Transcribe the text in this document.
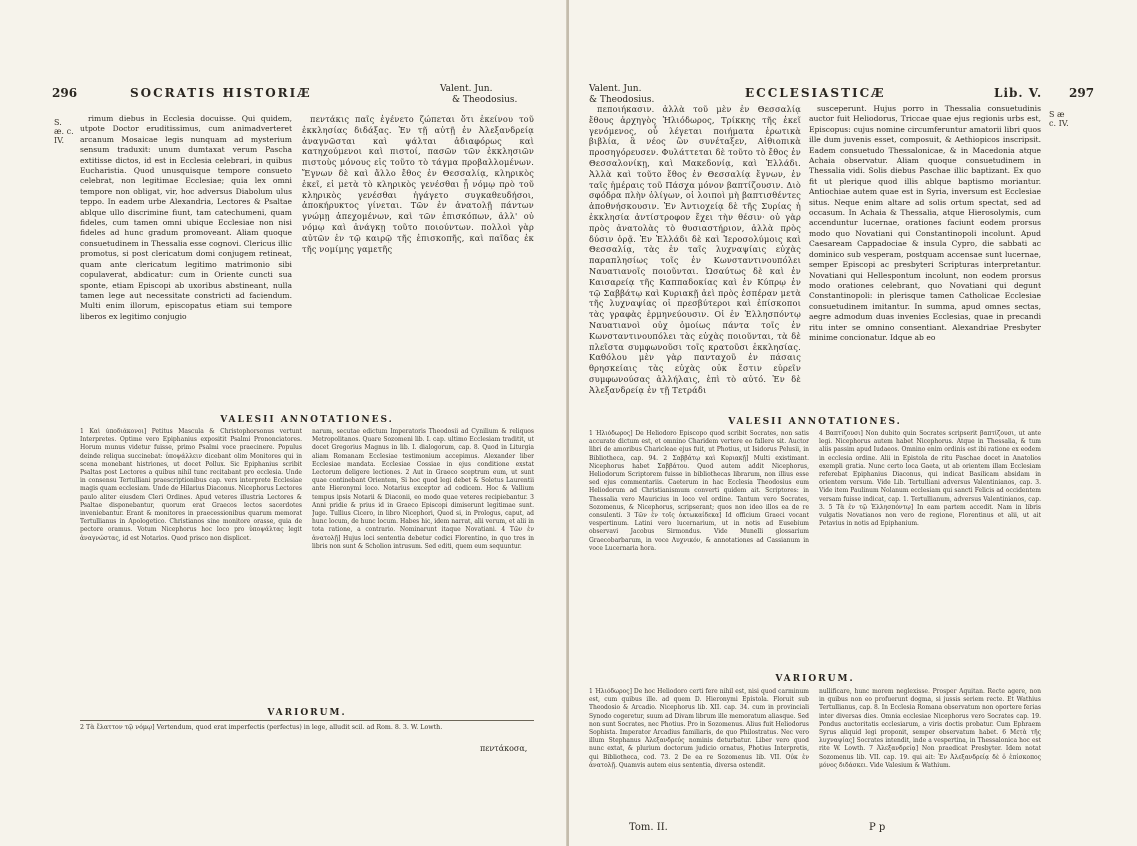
296	SOCRATIS HISTORIÆ	Valent. Jun.
& Theodosius.
S. æ. c. IV.

rimum diebus in Ecclesia docuisse. Qui quidem, utpote Doctor eruditissimus, cum animadverteret arcanum Mosaicae legis nunquam ad mysterium sensum traduxit: unum dumtaxat verum Pascha extitisse dictos, id est in Ecclesia celebrari, in quibus Eucharistia. Quod unusquisque tempore consueto celebrat, non legitimae Ecclesiae; quia lex omni tempore non obligat, vir, hoc adversus Diabolum ulus teppo. In eadem urbe Alexandria, Lectores & Psaltae ablque ullo discrimine fiunt, tam catechumeni, quam fideles, cum tamen omni ubique Ecclesiae non nisi fideles ad hunc gradum promoveant. Aliam quoque consuetudinem in Thessalia esse cognovi. Clericus illic promotus, si post clericatum domi conjugem retineat, quam ante clericatum legitimo matrimonio sibi copulaverat, abdicatur: cum in Oriente cuncti sua sponte, etiam Episcopi ab uxoribus abstineant, nulla tamen lege aut necessitate constricti ad faciendum. Multi enim illorum, episcopatus etiam sui tempore liberos ex legitimo conjugio

πεντάκις παῖς ἐγένετο ζώπεται ὅτι ἐκείνου τοῦ ἐκκλησίας διδάξας. Ἐν τῇ αὐτῇ ἐν Ἀλεξανδρείᾳ ἀναγνῶσται καὶ ψάλται ἀδιαφόρως καὶ κατηχούμενοι καὶ πιστοί, πασῶν τῶν ἐκκλησιῶν πιστοὺς μόνους εἰς τοῦτο τὸ τάγμα προβαλλομένων. Ἔγνων δὲ καὶ ἄλλο ἔθος ἐν Θεσσαλίᾳ, κληρικὸς ἐκεῖ, εἰ μετὰ τὸ κληρικὸς γενέσθαι ᾗ νόμῳ πρὸ τοῦ κληρικὸς γενέσθαι ἠγάγετο συγκαθευδήσοι, ἀποκήρυκτος γίνεται. Τῶν ἐν ἀνατολῇ πάντων γνώμῃ ἀπεχομένων, καὶ τῶν ἐπισκόπων, ἀλλ' οὐ νόμῳ καὶ ἀνάγκῃ τοῦτο ποιούντων. πολλοὶ γὰρ αὐτῶν ἐν τῷ καιρῷ τῆς ἐπισκοπῆς, καὶ παῖδας ἐκ τῆς νομίμης γαμετῆς

VALESII ANNOTATIONES.

1 Καὶ ὑποδιάκονοι] Petitus Mascula & Christophorsonus vertunt Interpretes. Optime vero Epiphanius expositit Psalmi Prononciatores. Horum munus videtur fuisse, primo Psalmi voce praecinere. Populus deinde reliqua succinebat: ὑποψάλλειν dicebant olim Monitores qui in scena monebant histriones, ut docet Pollux. Sic Epiphanius scribit Psaltas post Lectores a quibus nihil tunc recitabant pro ecclesia. Unde in consensu Tertulliani praescriptionibus cap. vers interprete Ecclesiae magis quam ecclesiam. Unde de Hilarius Diaconus. Nicephorus Lectores paulo aliter eiusdem Cleri Ordines. Apud veteres illustria Lectores & Psaltae disponebantur, quorum erat Graecos lectos sacerdotes inveniebantur. Erant & monitores in praecessionibus quarum memorat Tertullianus in Apologetico. Christianos sine monitore orasse, quia de pectore oramus. Votum Nicephorus hoc loco pro ὑποψάλτας legit ἀναγνώστας, id est Notarios. Quod prisco non displicet.

narum, secutae edictum Imperatoris Theodosii ad Cynilium & reliquos Metropolitanos. Quare Sozomeni lib. I. cap. ultimo Ecclesiam traditit, ut docet Gregorius Magnus in lib. I. dialogorum, cap. 8. Quod in Liturgia aliam Romanam Ecclesiae testimonium accepimus. Alexander liber Ecclesiae mandata. Ecclesiae Cossiae in ejus conditione exstat Lectorum deligere lectiones. 2 Aut in Graeco sceptrum eum, ut sunt quae continebant Orientem, Si hoc quod legi debet & Soletus Laurentii ante Hieronymi loco. Notarius exceptor ad codicem. Hoc & Vallium tempus ipsis Notarii & Diaconii, eo modo quae veteres recipiebantur. 3 Anni pridie & prius id in Graeco Episcopi dimiserunt legitimae sunt. Juge. Tullius Cicero, in libro Nicephori, Quod si, in Prologus, caput, ad hunc locum, de hunc locum. Habes hic, idem narrat, alii verum, et alii in tota ratione, a contrario. Nominarunt itaque Novatiani. 4 Τῶν ἐν ἀνατολῇ] Hujus loci sententia debetur codici Florentino, in quo tres in libris non sunt & Scholion intrusum. Sed editi, quem eum sequuntur.

VARIORUM.
2 Τὰ ἔλαττον τῷ νόμῳ] Vertendum, quod erat imperfectis (perfectus) in lege, alludit scil. ad Rom. 8. 3. W. Lowth.
πεντάκοσα,
Valent. Jun.
& Theodosius.	ECCLESIASTICÆ	Lib. V. 297

πεποιήκασιν. ἀλλὰ τοῦ μὲν ἐν Θεσσαλίᾳ ἔθους ἀρχηγὸς Ἡλιόδωρος, Τρίκκης τῆς ἐκεῖ γενόμενος, οὗ λέγεται ποιήματα ἐρωτικὰ βιβλία, ἃ νέος ὢν συνέταξεν, Αἰθιοπικὰ προσηγόρευσεν. Φυλάττεται δὲ τοῦτο τὸ ἔθος ἐν Θεσσαλονίκῃ, καὶ Μακεδονίᾳ, καὶ Ἑλλάδι. Ἀλλὰ καὶ τοῦτο ἔθος ἐν Θεσσαλίᾳ ἔγνων, ἐν ταῖς ἡμέραις τοῦ Πάσχα μόνον βαπτίζουσιν. Διὸ σφόδρα πλὴν ὀλίγων, οἱ λοιποὶ μὴ βαπτισθέντες ἀποθνήσκουσιν. Ἐν Ἀντιοχείᾳ δὲ τῆς Συρίας ἡ ἐκκλησία ἀντίστροφον ἔχει τὴν θέσιν· οὐ γὰρ πρὸς ἀνατολὰς τὸ θυσιαστήριον, ἀλλὰ πρὸς δύσιν ὁρᾷ. Ἐν Ἑλλάδι δὲ καὶ Ἱεροσολύμοις καὶ Θεσσαλίᾳ, τὰς ἐν ταῖς λυχναψίαις εὐχὰς παραπλησίως τοῖς ἐν Κωνσταντινουπόλει Ναυατιανοῖς ποιοῦνται. Ὡσαύτως δὲ καὶ ἐν Καισαρείᾳ τῆς Καππαδοκίας καὶ ἐν Κύπρῳ ἐν τῷ Σαββάτῳ καὶ Κυριακῇ ἀεὶ πρὸς ἑσπέραν μετὰ τῆς λυχναψίας οἱ πρεσβύτεροι καὶ ἐπίσκοποι τὰς γραφὰς ἑρμηνεύουσιν. Οἱ ἐν Ἑλλησπόντῳ Ναυατιανοὶ οὐχ ὁμοίως πάντα τοῖς ἐν Κωνσταντινουπόλει τὰς εὐχὰς ποιοῦνται, τὰ δὲ πλεῖστα συμφωνοῦσι τοῖς κρατοῦσι ἐκκλησίας. Καθόλου μὲν γὰρ πανταχοῦ ἐν πάσαις θρησκείαις τὰς εὐχὰς οὐκ ἔστιν εὑρεῖν συμφωνούσας ἀλλήλαις, ἐπὶ τὸ αὐτό. Ἐν δὲ Ἀλεξανδρείᾳ ἐν τῇ Τετράδι

susceperunt. Hujus porro in Thessalia consuetudinis auctor fuit Heliodorus, Triccae quae ejus regionis urbs est, Episcopus: cujus nomine circumferuntur amatorii libri quos ille dum juvenis esset, composuit, & Aethiopicos inscripsit. Eadem consuetudo Thessalonicae, & in Macedonia atque Achaia observatur. Aliam quoque consuetudinem in Thessalia vidi. Solis diebus Paschae illic baptizant. Ex quo fit ut plerique quod illis ablque baptismo moriantur. Antiochiae autem quae est in Syria, inversum est Ecclesiae situs. Neque enim altare ad solis ortum spectat, sed ad occasum. In Achaia & Thessalia, atque Hierosolymis, cum accenduntur lucernae, orationes faciunt eodem prorsus modo quo Novatiani qui Constantinopoli incolunt. Apud Caesaream Cappadociae & insula Cypro, die sabbati ac dominico sub vesperam, postquam accensae sunt lucernae, semper Episcopi ac presbyteri Scripturas interpretantur. Novatiani qui Hellespontum incolunt, non eodem prorsus modo orationes celebrant, quo Novatiani qui degunt Constantinopoli: in plerisque tamen Catholicae Ecclesiae consuetudinem imitantur. In summa, apud omnes sectas, aegre admodum duas invenies Ecclesias, quae in precandi ritu inter se omnino consentiant. Alexandriae Presbyter minime concionatur. Idque ab eo

S æ c. IV.
VALESII ANNOTATIONES.

1 Ἡλιόδωρος] De Heliodoro Episcopo quod scribit Socrates, non satis accurate dictum est, et omnino Charidem vertere eo fallere sit. Auctor libri de amoribus Charicleae ejus fuit, ut Photius, ut Isidorus Pelusii, in Bibliotheca, cap. 94. 2 Σαββάτῳ καὶ Κυριακῇ] Multi existimant. Nicephorus habet Σαββάτου. Quod autem addit Nicephorus, Heliodorum Scriptorem fuisse in bibliothecas librarum, non illius esse sed ejus commentariis. Caeterum in hac Ecclesia Theodosius eum Heliodorum ad Christianismum converti quidem ait. Scriptores: in Thessalia vero Mauricius in loco vel ordine. Tantum vero Socrates, Sozomenus, & Nicephorus, scripserant; quos non ideo illos ea de re consulenti. 3 Τῶν ἐν τοῖς ὀκτωκαίδεκα] Id officium Graeci vocant vespertinum. Latini vero lucernarium, ut in notis ad Eusebium observavi Jacobus Sirmondus. Vide Munelli glossarium Graecobarbarum, in voce Λυχνικόν, & annotationes ad Cassianum in voce Lucernaria hora.

4 Βαπτίζουσι] Non dubito quin Socrates scripserit βαπτίζουσι, ut ante legi. Nicephorus autem habet Nicephorus. Atque in Thessalia, & tum aliis passim apud Iudaeos. Omnino enim ordinis est ibi ratione ex eodem in ecclesia ordine. Alii in Epistola de ritu Paschae docet in Anatolios exempli gratia. Nunc certo loca Gaeta, ut ab orientem illam Ecclesiam referebat Epiphanius Diaconus, qui indicat Basilicam absidam in orientem versum. Vide Lib. Tertulliani adversus Valentinianos, cap. 3. Vide item Paulinum Nolanum ecclesiam qui sancti Felicis ad occidentem versam fuisse indicat, cap. 1. Tertullianum, adversus Valentinianos, cap. 3. 5 Τὰ ἐν τῷ Ἑλλησπόντῳ] In eam partem accedit. Nam in libris vulgatis Novatianos non vero de regione, Florentinus et alii, ut ait Petavius in notis ad Epiphanium.

VARIORUM.

1 Ἡλιόδωρος] De hoc Heliodoro certi fere nihil est, nisi quod carminum est, cum quibus ille. ad quem D. Hieronymi Epistola. Floruit sub Theodosio & Arcadio. Nicephorus lib. XII. cap. 34. cum in provinciali Synodo cogeretur, suum ad Divam librum ille memoratum aliasque. Sed non sunt Socrates, nec Photius. Pro in Sozomenus. Alius fuit Heliodorus Sophista. Imperator Arcadius familiaris, de quo Philostratus. Nec vero illum Stephanus Ἀλεξανδρεύς nominis deturbatur. Liber vero quod nunc extat, & plurium doctorum judicio ornatus, Photius Interpretis, qui Bibliotheca, cod. 73. 2 De ea re Sozomenus lib. VII. Οὐκ ἐν ἀνατολῇ. Quamvis autem eius sententia, diversa ostendit.

nullificare, hunc morem neglexisse. Prosper Aquitan. Recte agere, non in quibus non eo profuerunt dogma, si jussis seriem recte. Et Wathius Tertullianus, cap. 8. In Ecclesia Romana observatum non oportere ferias inter diversas dies. Omnia ecclesiae Nicephorus vero Socrates cap. 19. Pondus auctoritatis ecclesiarum, a viris doctis probatur. Cum Ephraem Syrus aliquid legi proponit, semper observatum habet. 6 Μετὰ τῆς λυχναψίας] Socrates intendit, inde a vespertina, in Thessalonica hoc est rite W. Lowth. 7 Ἀλεξανδρείᾳ] Non praedicat Presbyter. Idem notat Sozomenus lib. VII. cap. 19. qui ait: Ἐν Ἀλεξανδρείᾳ δὲ ὁ ἐπίσκοπος μόνος διδάσκει. Vide Valesium & Wathium.

Tom. II.	P p
